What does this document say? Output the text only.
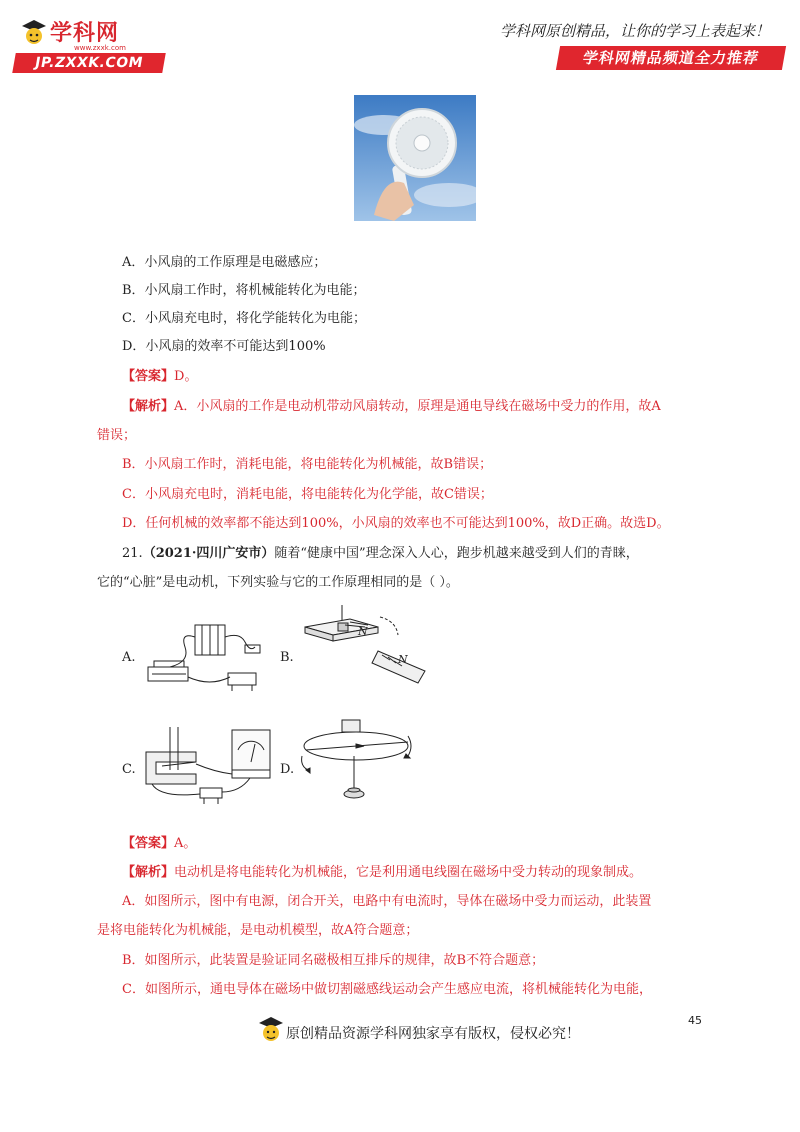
学科网
www.zxxk.com
JP.ZXXK.COM
学科网原创精品，让你的学习上表起来！
学科网精品频道全力推荐
A．小风扇的工作原理是电磁感应；
B．小风扇工作时，将机械能转化为电能；
C．小风扇充电时，将化学能转化为电能；
D．小风扇的效率不可能达到100%
【答案】D。
【解析】A．小风扇的工作是电动机带动风扇转动，原理是通电导线在磁场中受力的作用，故A
错误；
B．小风扇工作时，消耗电能，将电能转化为机械能，故B错误；
C．小风扇充电时，消耗电能，将电能转化为化学能，故C错误；
D．任何机械的效率都不能达到100%，小风扇的效率也不可能达到100%，故D正确。故选D。
21.（2021·四川广安市）随着“健康中国”理念深入人心，跑步机越来越受到人们的青睐，
它的“心脏”是电动机，下列实验与它的工作原理相同的是（ ）。
A.	B.
N
N
C.	D.
【答案】A。
【解析】电动机是将电能转化为机械能，它是利用通电线圈在磁场中受力转动的现象制成。
A．如图所示，图中有电源，闭合开关，电路中有电流时，导体在磁场中受力而运动，此装置
是将电能转化为机械能，是电动机模型，故A符合题意；
B．如图所示，此装置是验证同名磁极相互排斥的规律，故B不符合题意；
C．如图所示，通电导体在磁场中做切割磁感线运动会产生感应电流，将机械能转化为电能，
45
原创精品资源学科网独家享有版权，侵权必究！
